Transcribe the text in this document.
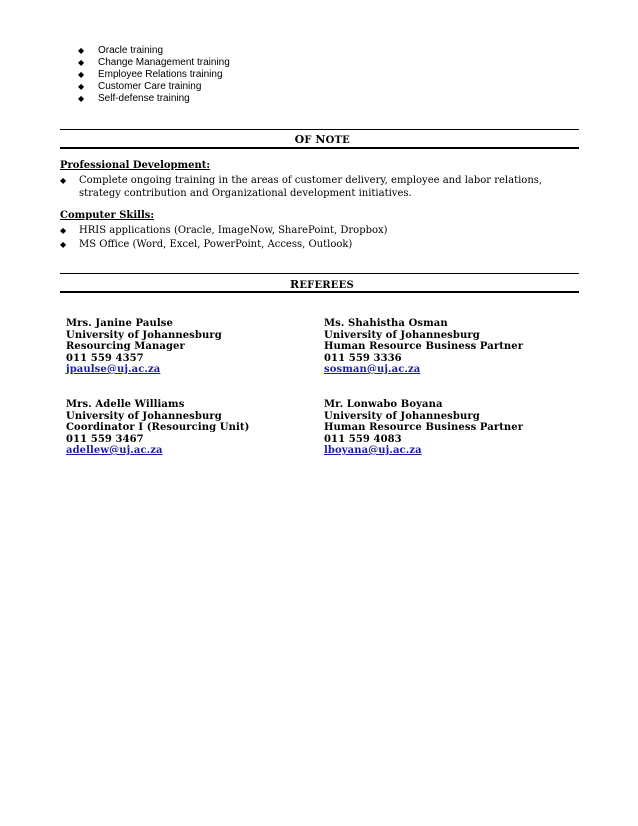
◆ Oracle training
◆ Change Management training
◆ Employee Relations training
◆ Customer Care training
◆ Self-defense training
OF NOTE
Professional Development:
◆ Complete ongoing training in the areas of customer delivery, employee and labor relations, strategy contribution and Organizational development initiatives.
Computer Skills:
◆ HRIS applications (Oracle, ImageNow, SharePoint, Dropbox)
◆ MS Office (Word, Excel, PowerPoint, Access, Outlook)
REFEREES
Mrs. Janine Paulse
University of Johannesburg
Resourcing Manager
011 559 4357
jpaulse@uj.ac.za
Ms. Shahistha Osman
University of Johannesburg
Human Resource Business Partner
011 559 3336
sosman@uj.ac.za
Mrs. Adelle Williams
University of Johannesburg
Coordinator I (Resourcing Unit)
011 559 3467
adellew@uj.ac.za
Mr. Lonwabo Boyana
University of Johannesburg
Human Resource Business Partner
011 559 4083
lboyana@uj.ac.za
